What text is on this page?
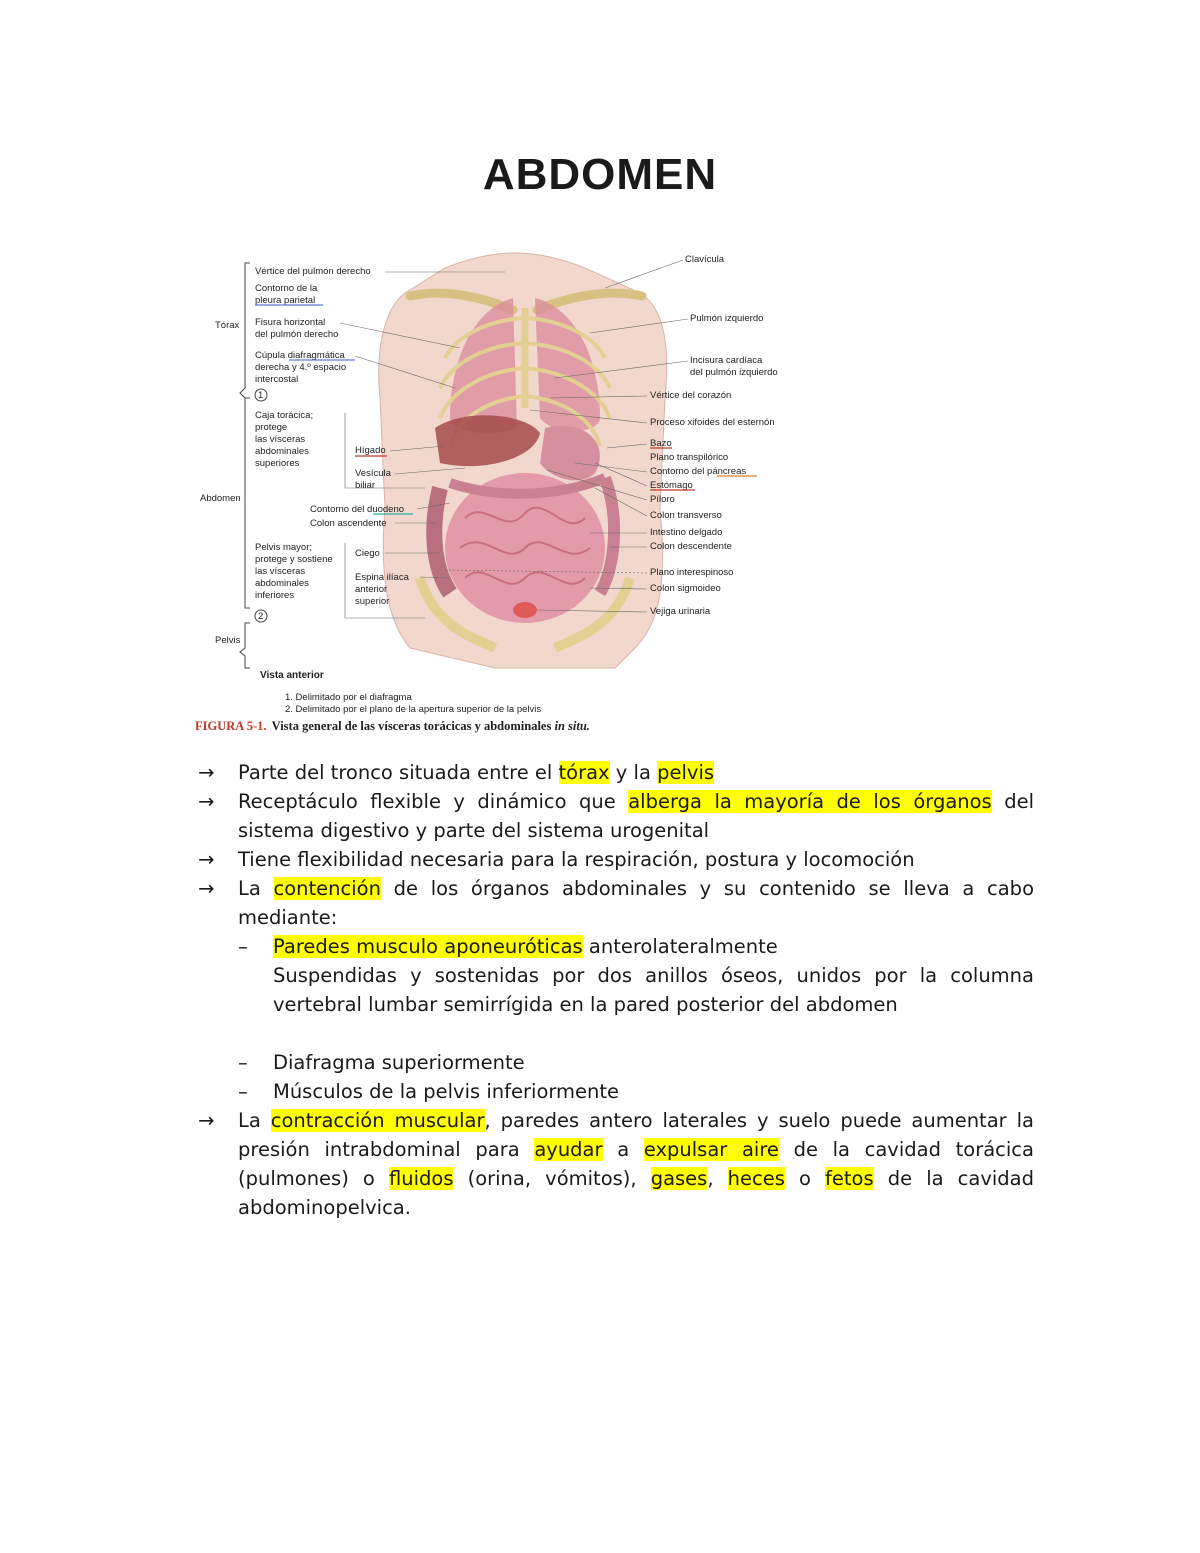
ABDOMEN
Tórax
Abdomen
Pelvis
Vértice del pulmón derecho
Contorno de la
pleura parietal
Fisura horizontal
del pulmón derecho
Cúpula diafragmática
derecha y 4.º espacio
intercostal
1
Caja torácica;
protege
las vísceras
abdominales
superiores
Hígado
Vesícula
biliar
Contorno del duodeno
Colon ascendente
Pelvis mayor;
protege y sostiene
las vísceras
abdominales
inferiores
Ciego
Espina ilíaca
anterior
superior
2
Vista anterior
Clavícula
Pulmón izquierdo
Incisura cardíaca
del pulmón izquierdo
Vértice del corazón
Proceso xifoides del esternón
Bazo
Plano transpilórico
Contorno del páncreas
Estómago
Píloro
Colon transverso
Intestino delgado
Colon descendente
Plano interespinoso
Colon sigmoideo
Vejiga urinaria
1. Delimitado por el diafragma
2. Delimitado por el plano de la apertura superior de la pelvis
FIGURA 5-1. Vista general de las vísceras torácicas y abdominales in situ.
→ Parte del tronco situada entre el tórax y la pelvis
→ Receptáculo flexible y dinámico que alberga la mayoría de los órganos del sistema digestivo y parte del sistema urogenital
→ Tiene flexibilidad necesaria para la respiración, postura y locomoción
→ La contención de los órganos abdominales y su contenido se lleva a cabo mediante:
– Paredes musculo aponeuróticas anterolateralmente
Suspendidas y sostenidas por dos anillos óseos, unidos por la columna vertebral lumbar semirrígida en la pared posterior del abdomen
– Diafragma superiormente
– Músculos de la pelvis inferiormente
→ La contracción muscular, paredes antero laterales y suelo puede aumentar la presión intrabdominal para ayudar a expulsar aire de la cavidad torácica (pulmones) o fluidos (orina, vómitos), gases, heces o fetos de la cavidad abdominopelvica.
